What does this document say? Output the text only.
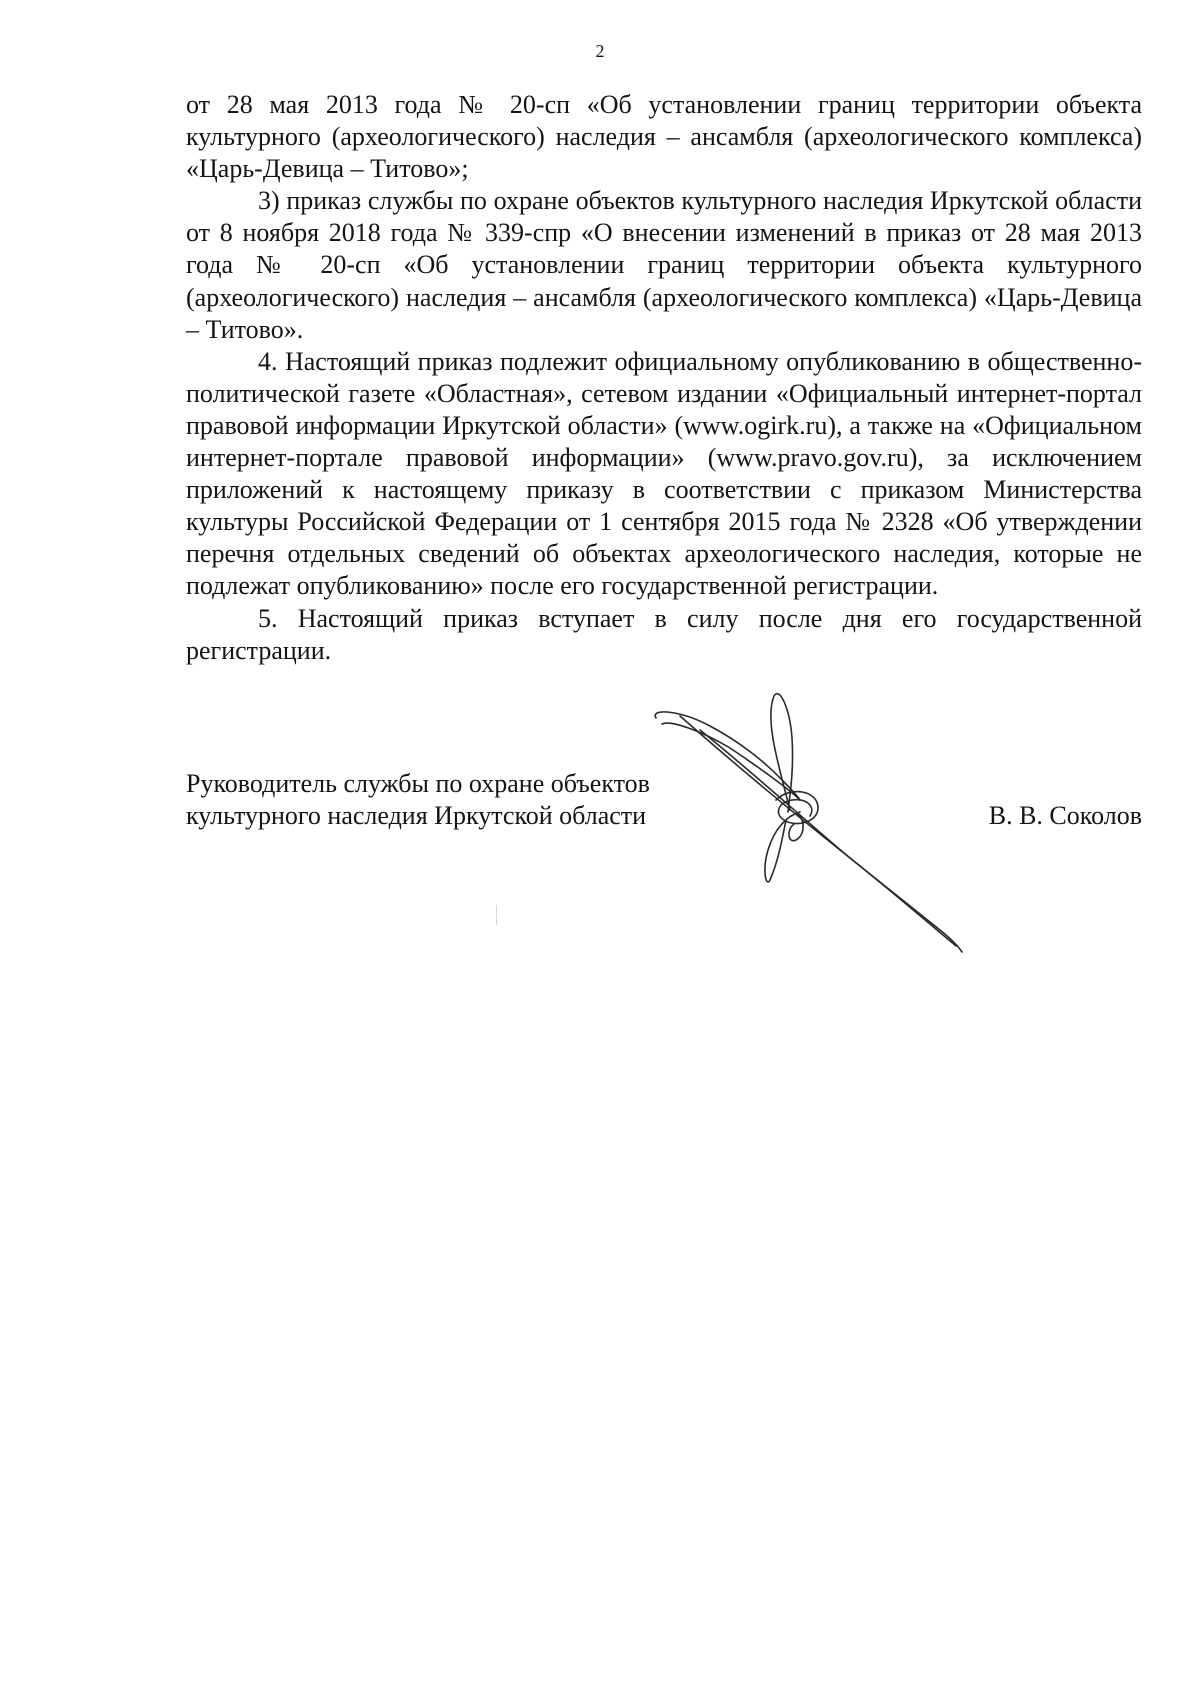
2

от 28 мая 2013 года № 20-сп «Об установлении границ территории объекта культурного (археологического) наследия – ансамбля (археологического комплекса) «Царь-Девица – Титово»;

3) приказ службы по охране объектов культурного наследия Иркутской области от 8 ноября 2018 года № 339-спр «О внесении изменений в приказ от 28 мая 2013 года № 20-сп «Об установлении границ территории объекта культурного (археологического) наследия – ансамбля (археологического комплекса) «Царь-Девица – Титово».

4. Настоящий приказ подлежит официальному опубликованию в общественно-политической газете «Областная», сетевом издании «Официальный интернет-портал правовой информации Иркутской области» (www.ogirk.ru), а также на «Официальном интернет-портале правовой информации» (www.pravo.gov.ru), за исключением приложений к настоящему приказу в соответствии с приказом Министерства культуры Российской Федерации от 1 сентября 2015 года № 2328 «Об утверждении перечня отдельных сведений об объектах археологического наследия, которые не подлежат опубликованию» после его государственной регистрации.

5. Настоящий приказ вступает в силу после дня его государственной регистрации.

Руководитель службы по охране объектов
культурного наследия Иркутской области	В. В. Соколов
